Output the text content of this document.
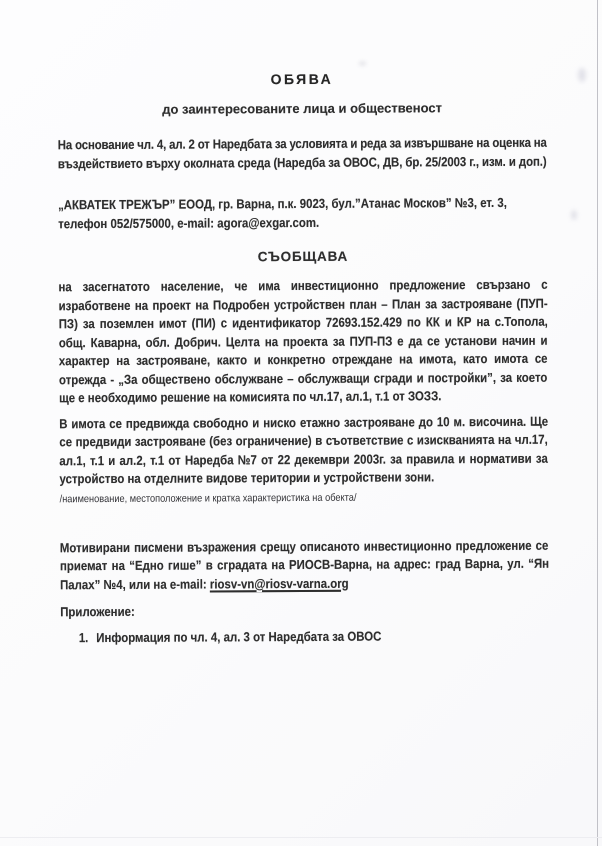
ОБЯВА
до заинтересованите лица и общественост
На основание чл. 4, ал. 2 от Наредбата за условията и реда за извършване на оценка на
въздействието върху околната среда (Наредба за ОВОС, ДВ, бр. 25/2003 г., изм. и доп.)
„АКВАТЕК ТРЕЖЪР” ЕООД, гр. Варна, п.к. 9023, бул.”Атанас Москов” №3, ет. 3,
телефон 052/575000, e-mail: agora@exgar.com.
СЪОБЩАВА
на засегнатото население, че има инвестиционно предложение свързано с
изработвене на проект на Подробен устройствен план – План за застрояване (ПУП-
ПЗ) за поземлен имот (ПИ) с идентификатор 72693.152.429 по КК и КР на с.Топола,
общ. Каварна, обл. Добрич. Целта на проекта за ПУП-ПЗ е да се установи начин и
характер на застрояване, както и конкретно отреждане на имота, като имота се
отрежда - „За обществено обслужване – обслужващи сгради и постройки”, за което
ще е необходимо решение на комисията по чл.17, ал.1, т.1 от ЗОЗЗ.
В имота се предвижда свободно и ниско етажно застрояване до 10 м. височина. Ще
се предвиди застрояване (без ограничение) в съответствие с изискванията на чл.17,
ал.1, т.1 и ал.2, т.1 от Наредба №7 от 22 декември 2003г. за правила и нормативи за
устройство на отделните видове територии и устройствени зони.
/наименование, местоположение и кратка характеристика на обекта/
Мотивирани писмени възражения срещу описаното инвестиционно предложение се
приемат на “Едно гише” в сградата на РИОСВ-Варна, на адрес: град Варна, ул. “Ян
Палах” №4, или на e-mail: riosv-vn@riosv-varna.org
Приложение:
1. Информация по чл. 4, ал. 3 от Наредбата за ОВОС
